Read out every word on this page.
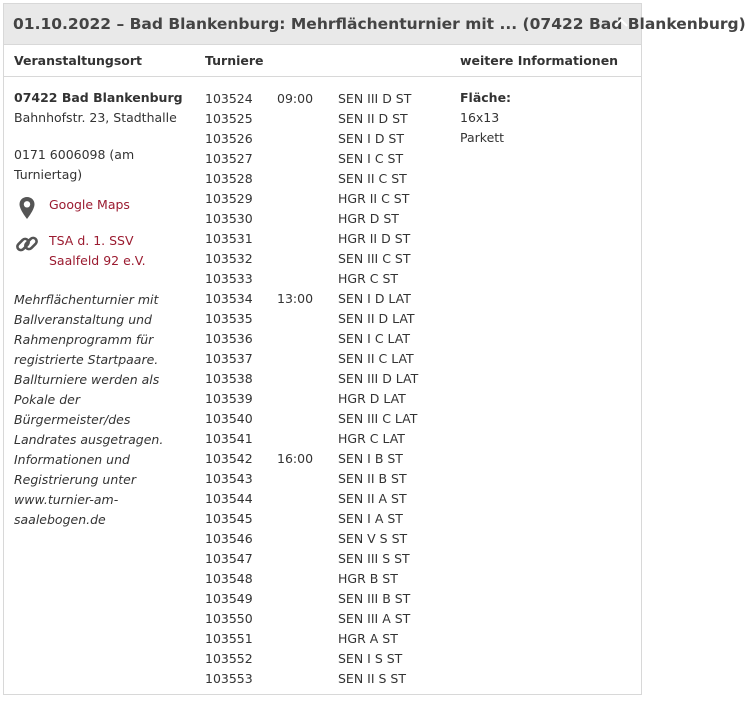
01.10.2022 – Bad Blankenburg: Mehrflächenturnier mit ... (07422 Bad Blankenburg)
Veranstaltungsort	Turniere	weitere Informationen
07422 Bad Blankenburg
Bahnhofstr. 23, Stadthalle
0171 6006098 (am Turniertag)
Google Maps
TSA d. 1. SSV Saalfeld 92 e.V.
Mehrflächenturnier mit Ballveranstaltung und Rahmenprogramm für registrierte Startpaare. Ballturniere werden als Pokale der Bürgermeister/des Landrates ausgetragen. Informationen und Registrierung unter www.turnier-am-saalebogen.de
103524 09:00 SEN III D ST
103525	SEN II D ST
103526	SEN I D ST
103527	SEN I C ST
103528	SEN II C ST
103529	HGR II C ST
103530	HGR D ST
103531	HGR II D ST
103532	SEN III C ST
103533	HGR C ST
103534 13:00 SEN I D LAT
103535	SEN II D LAT
103536	SEN I C LAT
103537	SEN II C LAT
103538	SEN III D LAT
103539	HGR D LAT
103540	SEN III C LAT
103541	HGR C LAT
103542 16:00 SEN I B ST
103543	SEN II B ST
103544	SEN II A ST
103545	SEN I A ST
103546	SEN V S ST
103547	SEN III S ST
103548	HGR B ST
103549	SEN III B ST
103550	SEN III A ST
103551	HGR A ST
103552	SEN I S ST
103553	SEN II S ST
Fläche:
16x13
Parkett
